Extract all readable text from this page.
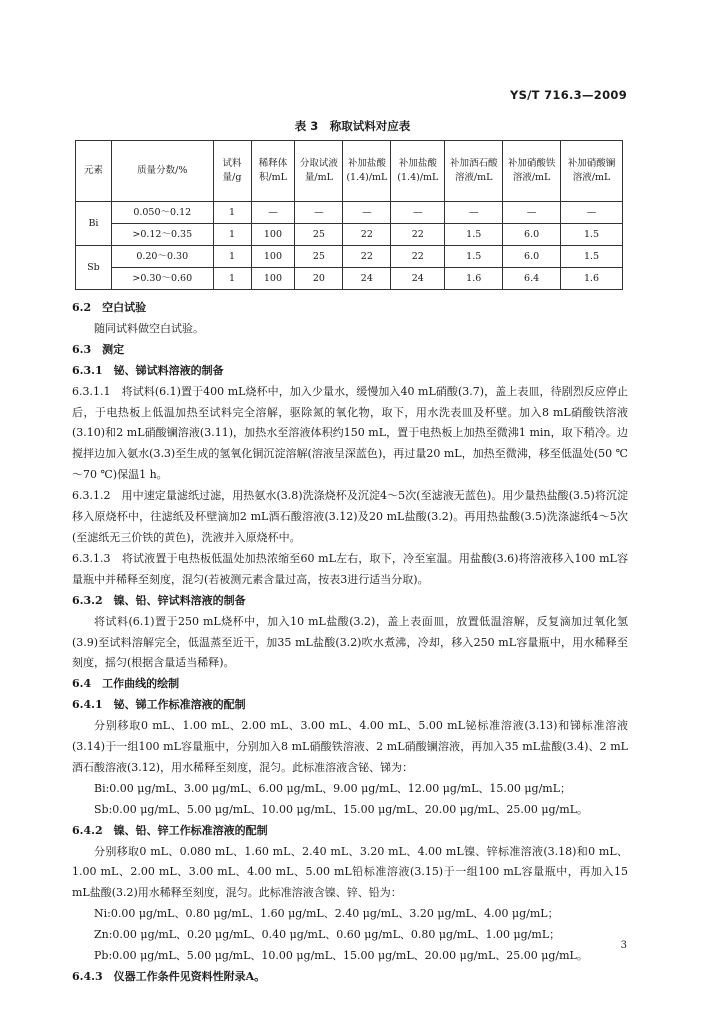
YS/T 716.3—2009
表 3　称取试料对应表
元素	质量分数/%	试料量/g	稀释体积/mL	分取试液量/mL	补加盐酸(1.4)/mL	补加盐酸(1.4)/mL	补加酒石酸溶液/mL	补加硝酸铁溶液/mL	补加硝酸镧溶液/mL
Bi	0.050～0.12	1	—	—	—	—	—	—	—
	>0.12～0.35	1	100	25	22	22	1.5	6.0	1.5
Sb	0.20～0.30	1	100	25	22	22	1.5	6.0	1.5
	>0.30～0.60	1	100	20	24	24	1.6	6.4	1.6

6.2　空白试验

随同试料做空白试验。

6.3　测定

6.3.1　铋、锑试料溶液的制备

6.3.1.1　将试料(6.1)置于400 mL烧杯中，加入少量水，缓慢加入40 mL硝酸(3.7)，盖上表皿，待剧烈反应停止后，于电热板上低温加热至试料完全溶解，驱除氮的氧化物，取下，用水洗表皿及杯壁。加入8 mL硝酸铁溶液(3.10)和2 mL硝酸镧溶液(3.11)，加热水至溶液体积约150 mL，置于电热板上加热至微沸1 min，取下稍冷。边搅拌边加入氨水(3.3)至生成的氢氧化铜沉淀溶解(溶液呈深蓝色)，再过量20 mL，加热至微沸，移至低温处(50 ℃～70 ℃)保温1 h。

6.3.1.2　用中速定量滤纸过滤，用热氨水(3.8)洗涤烧杯及沉淀4～5次(至滤液无蓝色)。用少量热盐酸(3.5)将沉淀移入原烧杯中，往滤纸及杯壁滴加2 mL酒石酸溶液(3.12)及20 mL盐酸(3.2)。再用热盐酸(3.5)洗涤滤纸4～5次(至滤纸无三价铁的黄色)，洗液并入原烧杯中。

6.3.1.3　将试液置于电热板低温处加热浓缩至60 mL左右，取下，冷至室温。用盐酸(3.6)将溶液移入100 mL容量瓶中并稀释至刻度，混匀(若被测元素含量过高，按表3进行适当分取)。

6.3.2　镍、铅、锌试料溶液的制备

将试料(6.1)置于250 mL烧杯中，加入10 mL盐酸(3.2)，盖上表面皿，放置低温溶解，反复滴加过氧化氢(3.9)至试料溶解完全，低温蒸至近干，加35 mL盐酸(3.2)吹水煮沸，冷却，移入250 mL容量瓶中，用水稀释至刻度，摇匀(根据含量适当稀释)。

6.4　工作曲线的绘制

6.4.1　铋、锑工作标准溶液的配制

分别移取0 mL、1.00 mL、2.00 mL、3.00 mL、4.00 mL、5.00 mL铋标准溶液(3.13)和锑标准溶液(3.14)于一组100 mL容量瓶中，分别加入8 mL硝酸铁溶液、2 mL硝酸镧溶液，再加入35 mL盐酸(3.4)、2 mL酒石酸溶液(3.12)，用水稀释至刻度，混匀。此标准溶液含铋、锑为：

Bi:0.00 μg/mL、3.00 μg/mL、6.00 μg/mL、9.00 μg/mL、12.00 μg/mL、15.00 μg/mL；

Sb:0.00 μg/mL、5.00 μg/mL、10.00 μg/mL、15.00 μg/mL、20.00 μg/mL、25.00 μg/mL。

6.4.2　镍、铅、锌工作标准溶液的配制

分别移取0 mL、0.080 mL、1.60 mL、2.40 mL、3.20 mL、4.00 mL镍、锌标准溶液(3.18)和0 mL、1.00 mL、2.00 mL、3.00 mL、4.00 mL、5.00 mL铅标准溶液(3.15)于一组100 mL容量瓶中，再加入15 mL盐酸(3.2)用水稀释至刻度，混匀。此标准溶液含镍、锌、铅为：

Ni:0.00 μg/mL、0.80 μg/mL、1.60 μg/mL、2.40 μg/mL、3.20 μg/mL、4.00 μg/mL；

Zn:0.00 μg/mL、0.20 μg/mL、0.40 μg/mL、0.60 μg/mL、0.80 μg/mL、1.00 μg/mL；

Pb:0.00 μg/mL、5.00 μg/mL、10.00 μg/mL、15.00 μg/mL、20.00 μg/mL、25.00 μg/mL。

6.4.3　仪器工作条件见资料性附录A。

3
